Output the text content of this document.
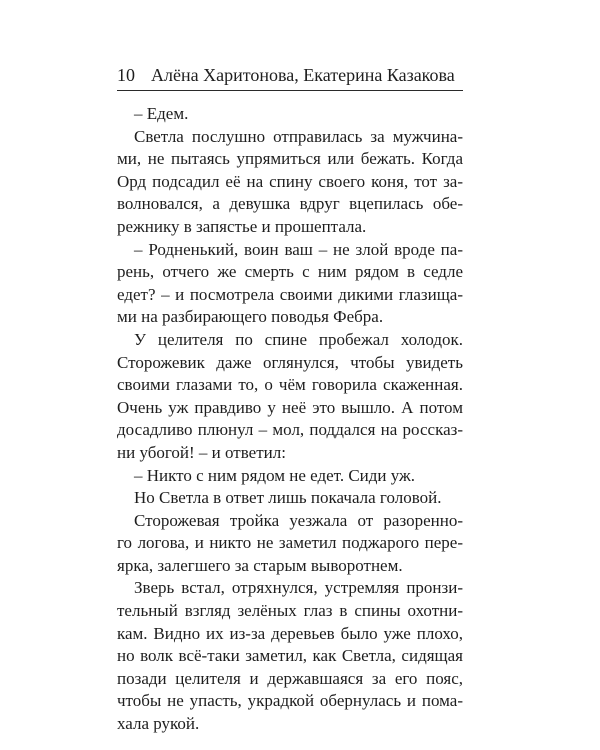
10 Алёна Харитонова, Екатерина Казакова
– Едем.
Светла послушно отправилась за мужчина-
ми, не пытаясь упрямиться или бежать. Когда
Орд подсадил её на спину своего коня, тот за-
волновался, а девушка вдруг вцепилась обе-
режнику в запястье и прошептала.
– Родненький, воин ваш – не злой вроде па-
рень, отчего же смерть с ним рядом в седле
едет? – и посмотрела своими дикими глазища-
ми на разбирающего поводья Фебра.
У целителя по спине пробежал холодок.
Сторожевик даже оглянулся, чтобы увидеть
своими глазами то, о чём говорила скаженная.
Очень уж правдиво у неё это вышло. А потом
досадливо плюнул – мол, поддался на россказ-
ни убогой! – и ответил:
– Никто с ним рядом не едет. Сиди уж.
Но Светла в ответ лишь покачала головой.
Сторожевая тройка уезжала от разоренно-
го логова, и никто не заметил поджарого пере-
ярка, залегшего за старым выворотнем.
Зверь встал, отряхнулся, устремляя пронзи-
тельный взгляд зелёных глаз в спины охотни-
кам. Видно их из-за деревьев было уже плохо,
но волк всё-таки заметил, как Светла, сидящая
позади целителя и державшаяся за его пояс,
чтобы не упасть, украдкой обернулась и пома-
хала рукой.
